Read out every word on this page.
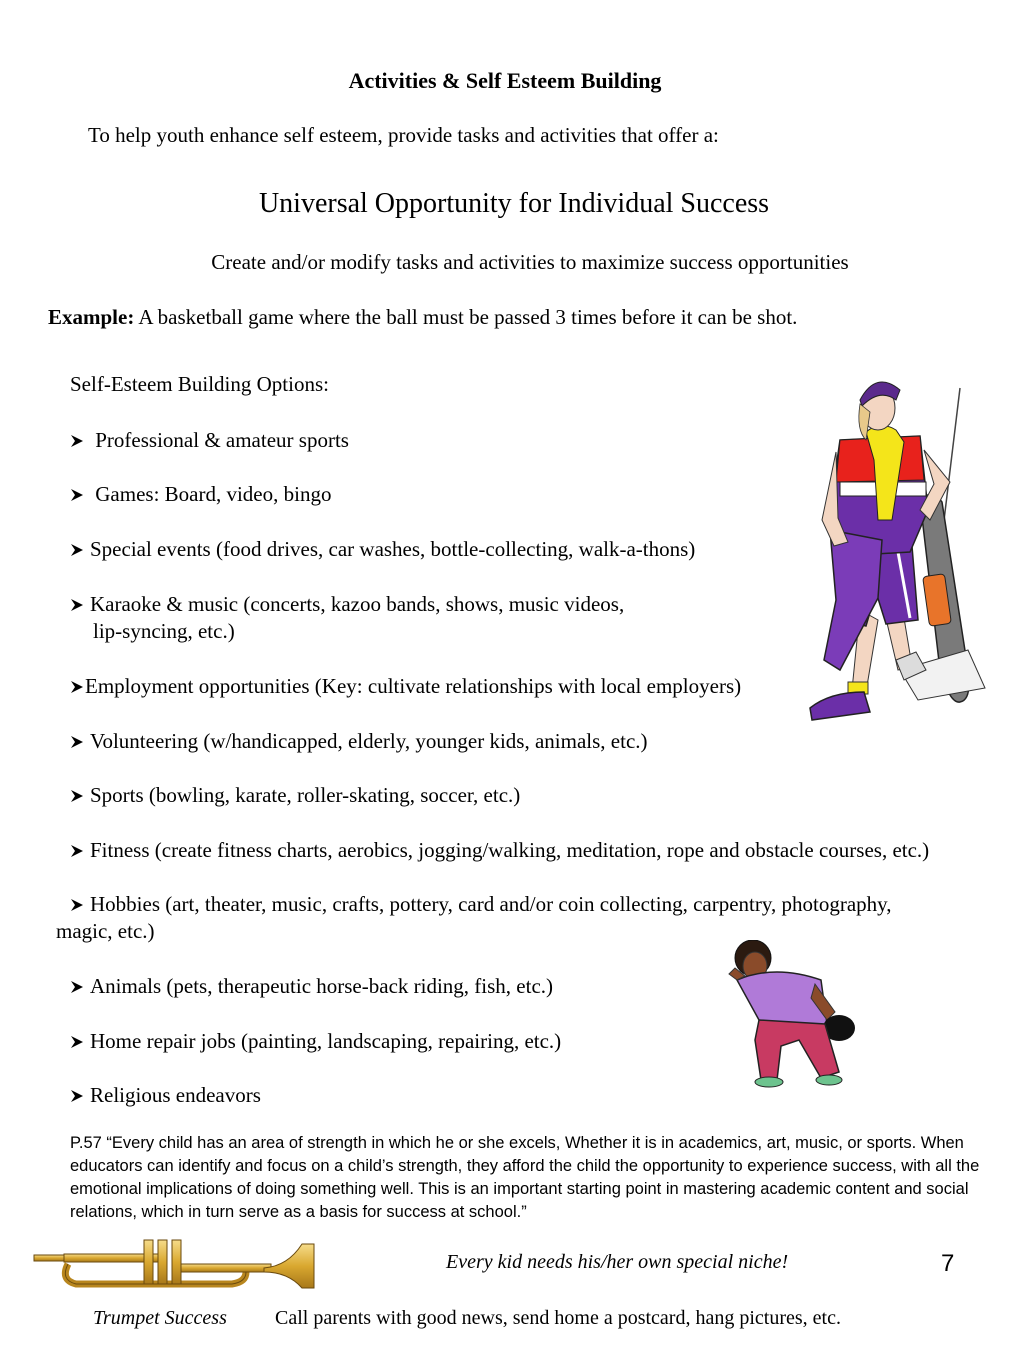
Activities & Self Esteem Building
To help youth enhance self esteem, provide tasks and activities that offer a:
Universal Opportunity for Individual Success
Create and/or modify tasks and activities to maximize success opportunities
Example: A basketball game where the ball must be passed 3 times before it can be shot.
Self-Esteem Building Options:
Professional & amateur sports
Games: Board, video, bingo
Special events (food drives, car washes, bottle-collecting, walk-a-thons)
Karaoke & music (concerts, kazoo bands, shows, music videos,
lip-syncing, etc.)
Employment opportunities (Key: cultivate relationships with local employers)
Volunteering (w/handicapped, elderly, younger kids, animals, etc.)
Sports (bowling, karate, roller-skating, soccer, etc.)
Fitness (create fitness charts, aerobics, jogging/walking, meditation, rope and obstacle courses, etc.)
Hobbies (art, theater, music, crafts, pottery, card and/or coin collecting, carpentry, photography,
magic, etc.)
Animals (pets, therapeutic horse-back riding, fish, etc.)
Home repair jobs (painting, landscaping, repairing, etc.)
Religious endeavors
P.57 “Every child has an area of strength in which he or she excels, Whether it is in academics, art, music, or sports. When educators can identify and focus on a child’s strength, they afford the child the opportunity to experience success, with all the emotional implications of doing something well. This is an important starting point in mastering academic content and social relations, which in turn serve as a basis for success at school.”
Every kid needs his/her own special niche!	7
Trumpet Success Call parents with good news, send home a postcard, hang pictures, etc.
